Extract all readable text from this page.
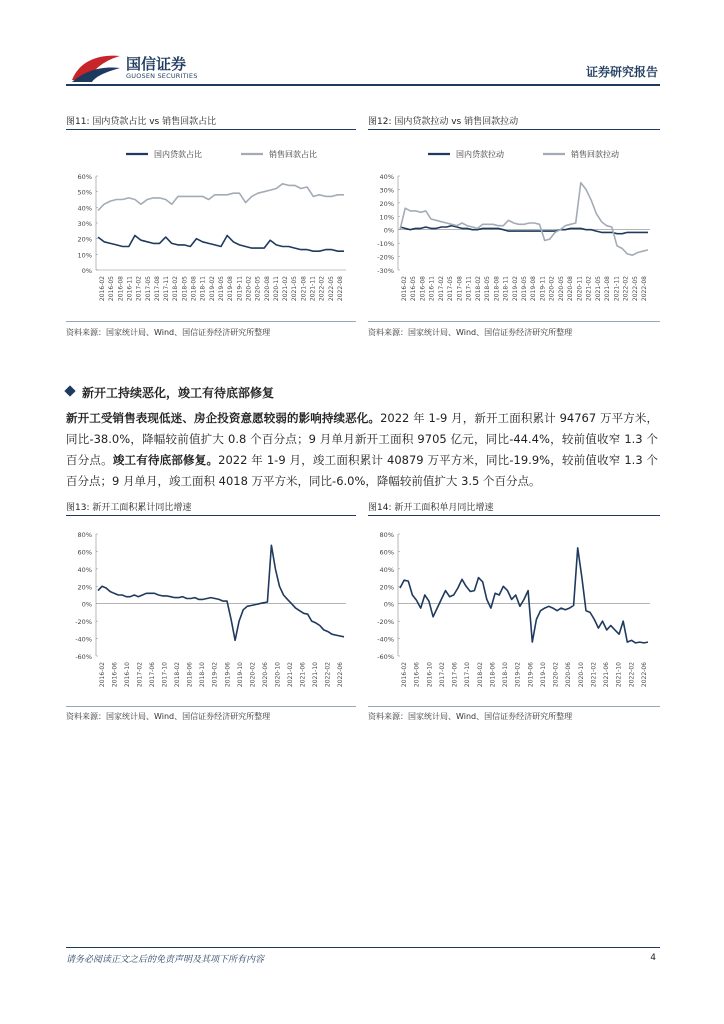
国信证券
GUOSEN SECURITIES	证券研究报告
图11: 国内贷款占比 vs 销售回款占比
国内贷款占比	销售回款占比
0%
10%
20%
30%
40%
50%
60%
2016-02 2016-05 2016-08 2016-11 2017-02 2017-05 2017-08 2017-11 2018-02 2018-05 2018-08 2018-11 2019-02 2019-05 2019-08 2019-11 2020-02 2020-05 2020-08 2020-11 2021-02 2021-05 2021-08 2021-11 2022-02 2022-05 2022-08
资料来源：国家统计局、Wind、国信证券经济研究所整理
图12: 国内贷款拉动 vs 销售回款拉动
国内贷款拉动	销售回款拉动
-30%
-20%
-10%
0%
10%
20%
30%
40%
2016-02 2016-05 2016-08 2016-11 2017-02 2017-05 2017-08 2017-11 2018-02 2018-05 2018-08 2018-11 2019-02 2019-05 2019-08 2019-11 2020-02 2020-05 2020-08 2020-11 2021-02 2021-05 2021-08 2021-11 2022-02 2022-05 2022-08
资料来源：国家统计局、Wind、国信证券经济研究所整理
新开工持续恶化，竣工有待底部修复
新开工受销售表现低迷、房企投资意愿较弱的影响持续恶化。2022 年 1-9 月，新开工面积累计 94767 万平方米，同比-38.0%，降幅较前值扩大 0.8 个百分点；9 月单月新开工面积 9705 亿元，同比-44.4%，较前值收窄 1.3 个百分点。竣工有待底部修复。2022 年 1-9 月，竣工面积累计 40879 万平方米，同比-19.9%，较前值收窄 1.3 个百分点；9 月单月，竣工面积 4018 万平方米，同比-6.0%，降幅较前值扩大 3.5 个百分点。
图13: 新开工面积累计同比增速
-60%
-40%
-20%
0%
20%
40%
60%
80%
2016-02 2016-06 2016-10 2017-02 2017-06 2017-10 2018-02 2018-06 2018-10 2019-02 2019-06 2019-10 2020-02 2020-06 2020-10 2021-02 2021-06 2021-10 2022-02 2022-06
资料来源：国家统计局、Wind、国信证券经济研究所整理
图14: 新开工面积单月同比增速
-60%
-40%
-20%
0%
20%
40%
60%
80%
2016-02 2016-06 2016-10 2017-02 2017-06 2017-10 2018-02 2018-06 2018-10 2019-02 2019-06 2019-10 2020-02 2020-06 2020-10 2021-02 2021-06 2021-10 2022-02 2022-06
资料来源：国家统计局、Wind、国信证券经济研究所整理
请务必阅读正文之后的免责声明及其项下所有内容	4
